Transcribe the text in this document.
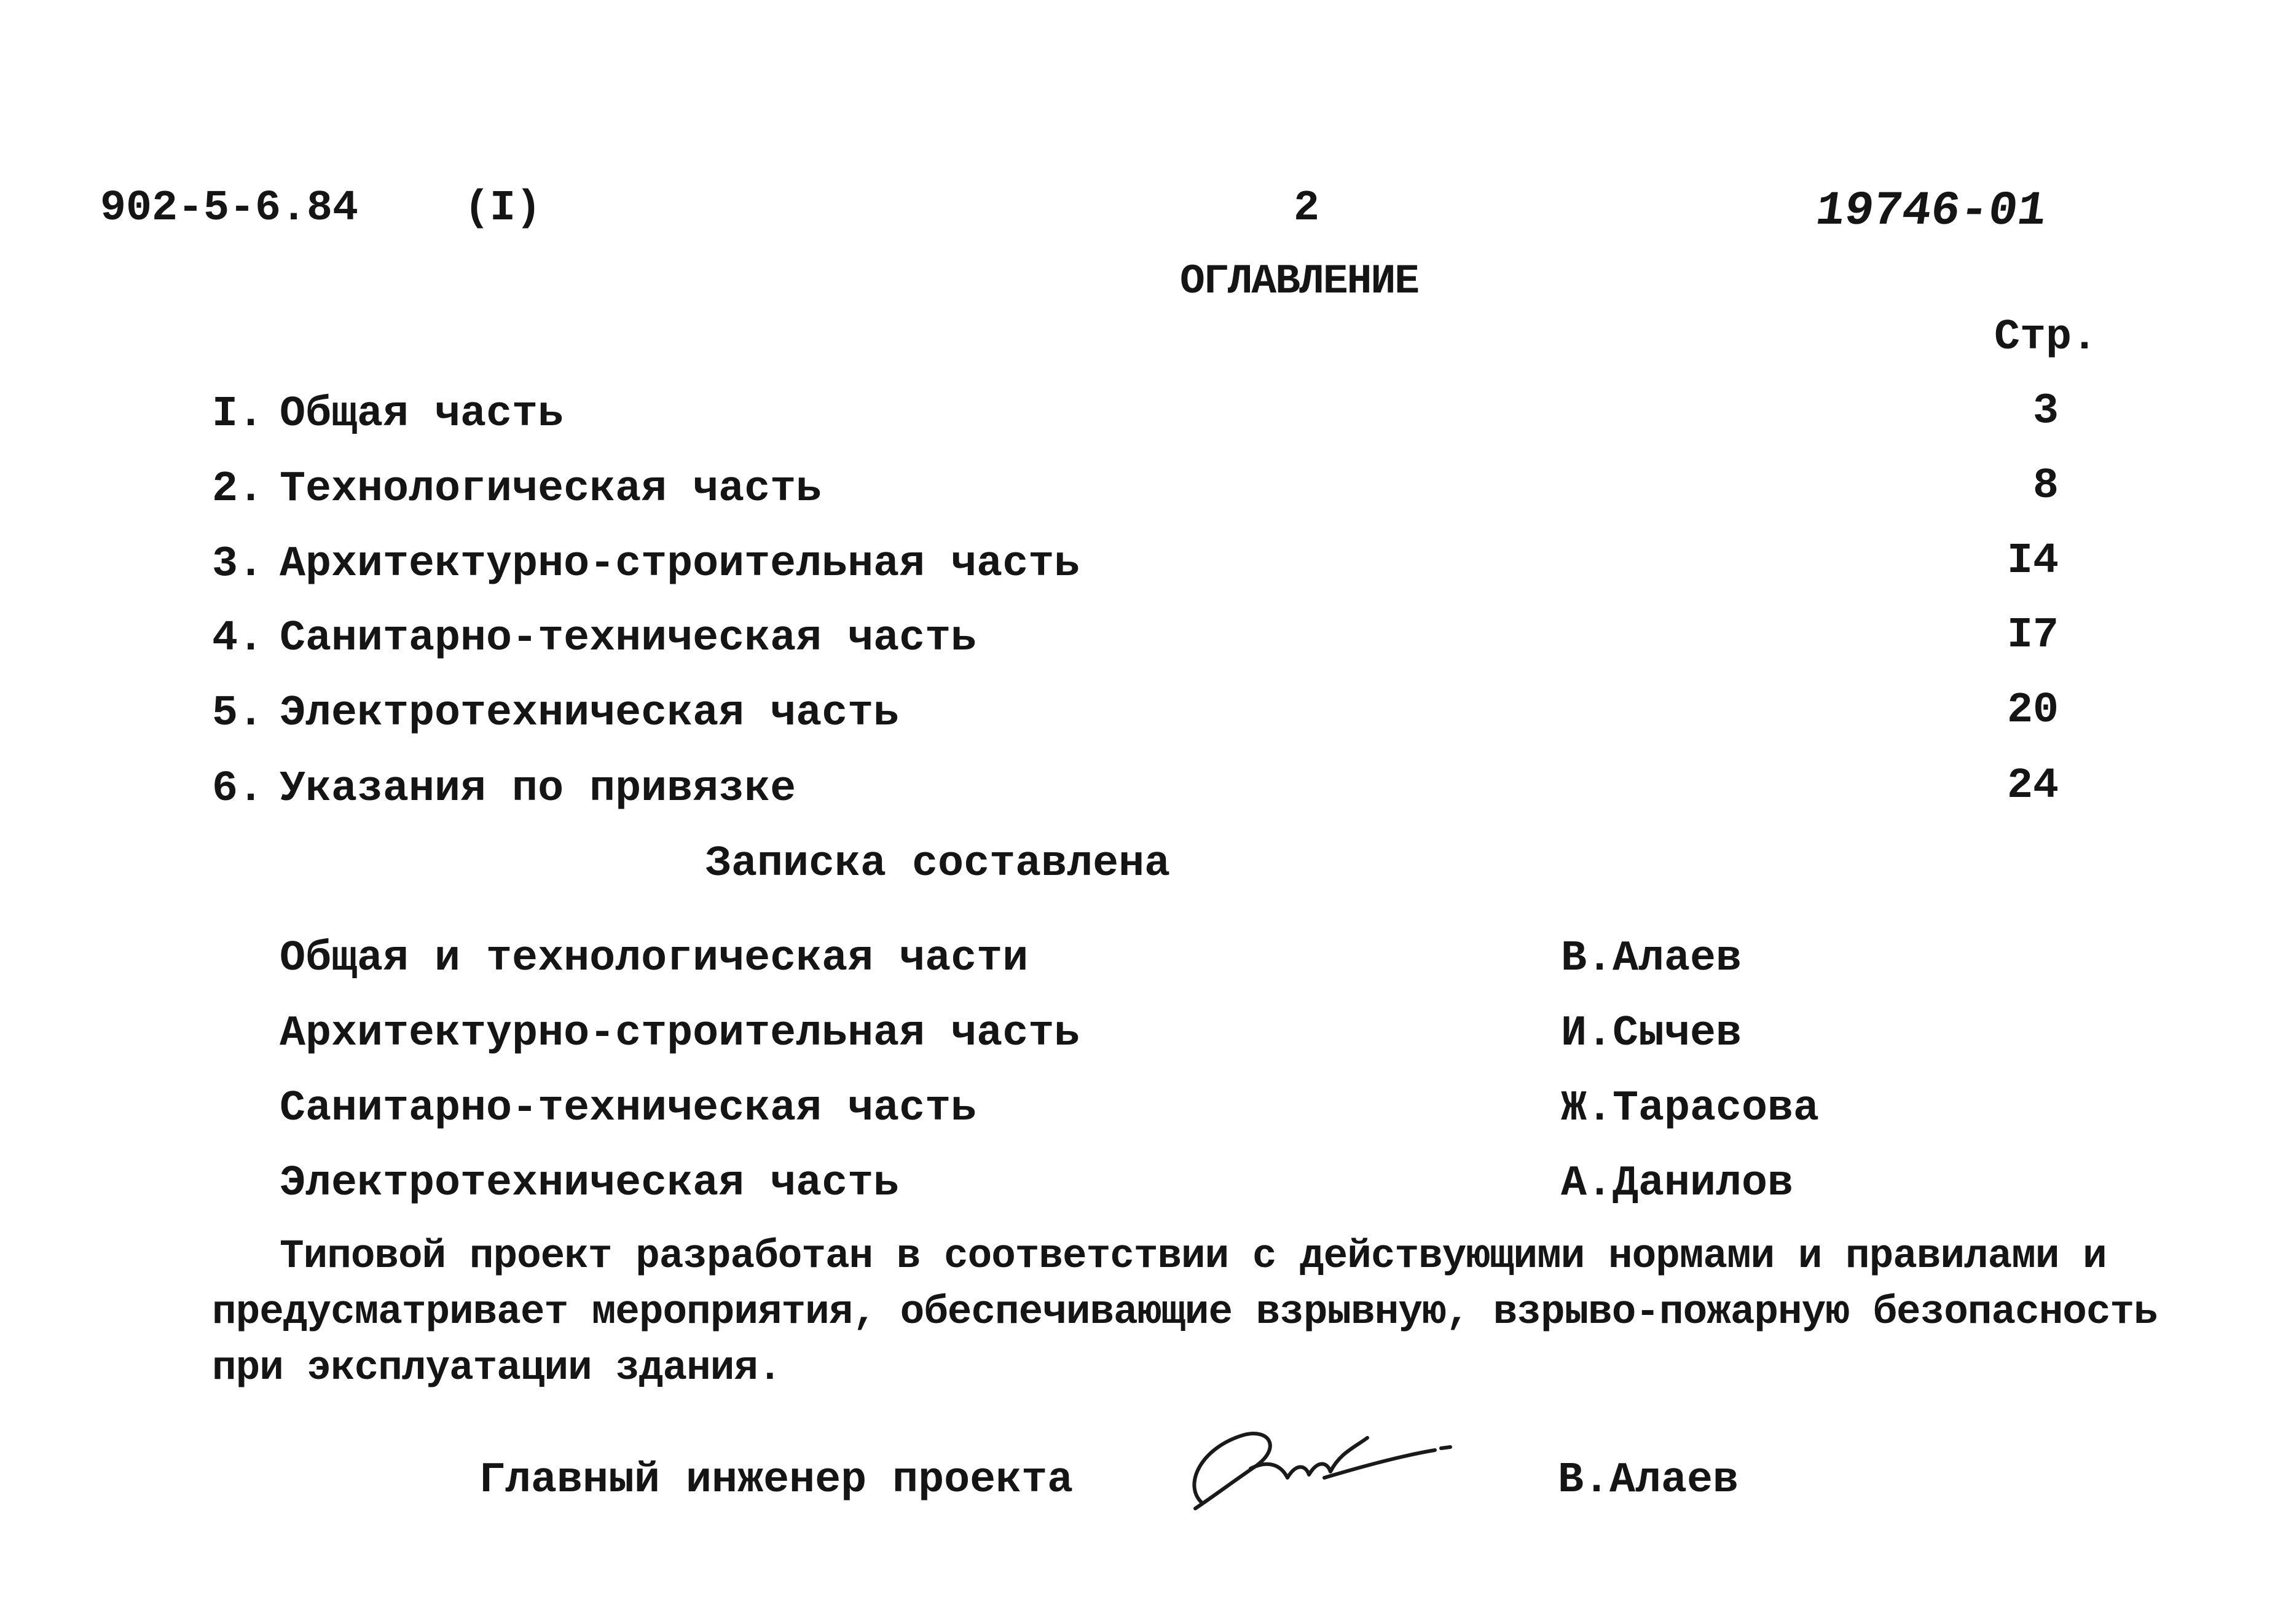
902-5-6.84 (I)	2	19746-01
ОГЛАВЛЕНИЕ
Стр.
I. Общая часть	3
2. Технологическая часть	8
3. Архитектурно-строительная часть	I4
4. Санитарно-техническая часть	I7
5. Электротехническая часть	20
6. Указания по привязке	24
Записка составлена
Общая и технологическая части	В.Алаев
Архитектурно-строительная часть	И.Сычев
Санитарно-техническая часть	Ж.Тарасова
Электротехническая часть	А.Данилов
Типовой проект разработан в соответствии с действующими нормами и правилами и
предусматривает мероприятия, обеспечивающие взрывную, взрыво-пожарную безопасность
при эксплуатации здания.
Главный инженер проекта	В.Алаев
